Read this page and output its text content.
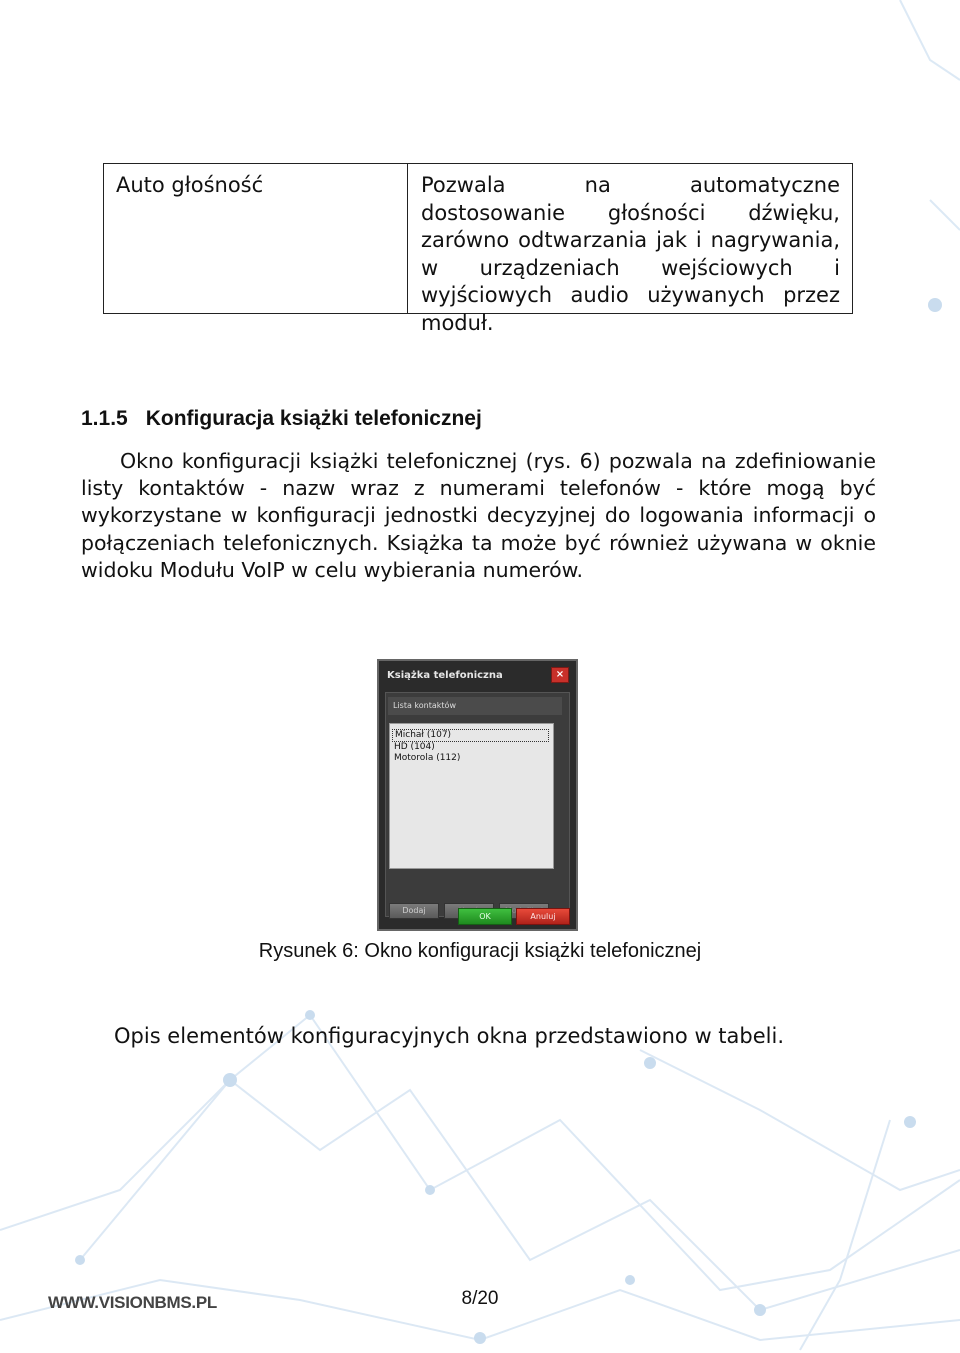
Auto głośność	Pozwala na automatyczne dostosowanie głośności dźwięku, zarówno odtwarzania jak i nagrywania, w urządzeniach wejściowych i wyjściowych audio używanych przez moduł.
1.1.5 Konfiguracja książki telefonicznej
Okno konfiguracji książki telefonicznej (rys. 6) pozwala na zdefiniowanie listy kontaktów - nazw wraz z numerami telefonów - które mogą być wykorzystane w konfiguracji jednostki decyzyjnej do logowania informacji o połączeniach telefonicznych. Książka ta może być również używana w oknie widoku Modułu VoIP w celu wybierania numerów.
Książka telefoniczna	×
Lista kontaktów
Michał (107)
HD (104)
Motorola (112)
Dodaj
OK	Anuluj
Rysunek 6: Okno konfiguracji książki telefonicznej
Opis elementów konfiguracyjnych okna przedstawiono w tabeli.
WWW.VISIONBMS.PL	8/20
